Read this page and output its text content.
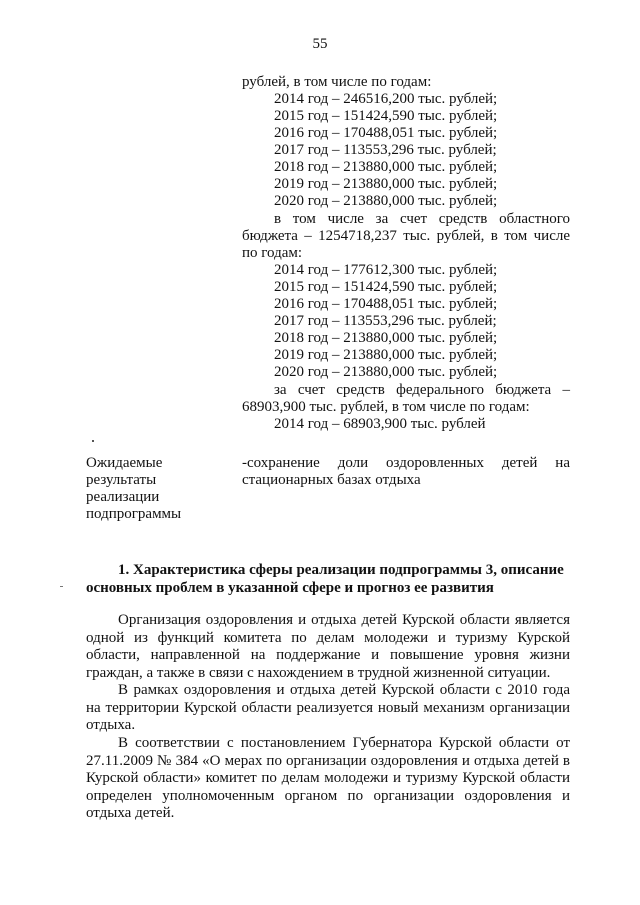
55
рублей, в том числе по годам:
2014 год – 246516,200 тыс. рублей;
2015 год – 151424,590 тыс. рублей;
2016 год – 170488,051 тыс. рублей;
2017 год – 113553,296 тыс. рублей;
2018 год – 213880,000 тыс. рублей;
2019 год – 213880,000 тыс. рублей;
2020 год – 213880,000 тыс. рублей;
в том числе за счет средств областного
бюджета – 1254718,237 тыс. рублей, в том числе
по годам:
2014 год – 177612,300 тыс. рублей;
2015 год – 151424,590 тыс. рублей;
2016 год – 170488,051 тыс. рублей;
2017 год – 113553,296 тыс. рублей;
2018 год – 213880,000 тыс. рублей;
2019 год – 213880,000 тыс. рублей;
2020 год – 213880,000 тыс. рублей;
за счет средств федерального бюджета –
68903,900 тыс. рублей, в том числе по годам:
2014 год – 68903,900 тыс. рублей
Ожидаемые
результаты
реализации
подпрограммы
-сохранение доли оздоровленных детей на
стационарных базах отдыха
1. Характеристика сферы реализации подпрограммы 3, описание
основных проблем в указанной сфере и прогноз ее развития
Организация оздоровления и отдыха детей Курской области является
одной из функций комитета по делам молодежи и туризму Курской
области, направленной на поддержание и повышение уровня жизни
граждан, а также в связи с нахождением в трудной жизненной ситуации.
В рамках оздоровления и отдыха детей Курской области с 2010 года
на территории Курской области реализуется новый механизм организации
отдыха.
В соответствии с постановлением Губернатора Курской области от
27.11.2009 № 384 «О мерах по организации оздоровления и отдыха детей в
Курской области» комитет по делам молодежи и туризму Курской области
определен уполномоченным органом по организации оздоровления и
отдыха детей.
